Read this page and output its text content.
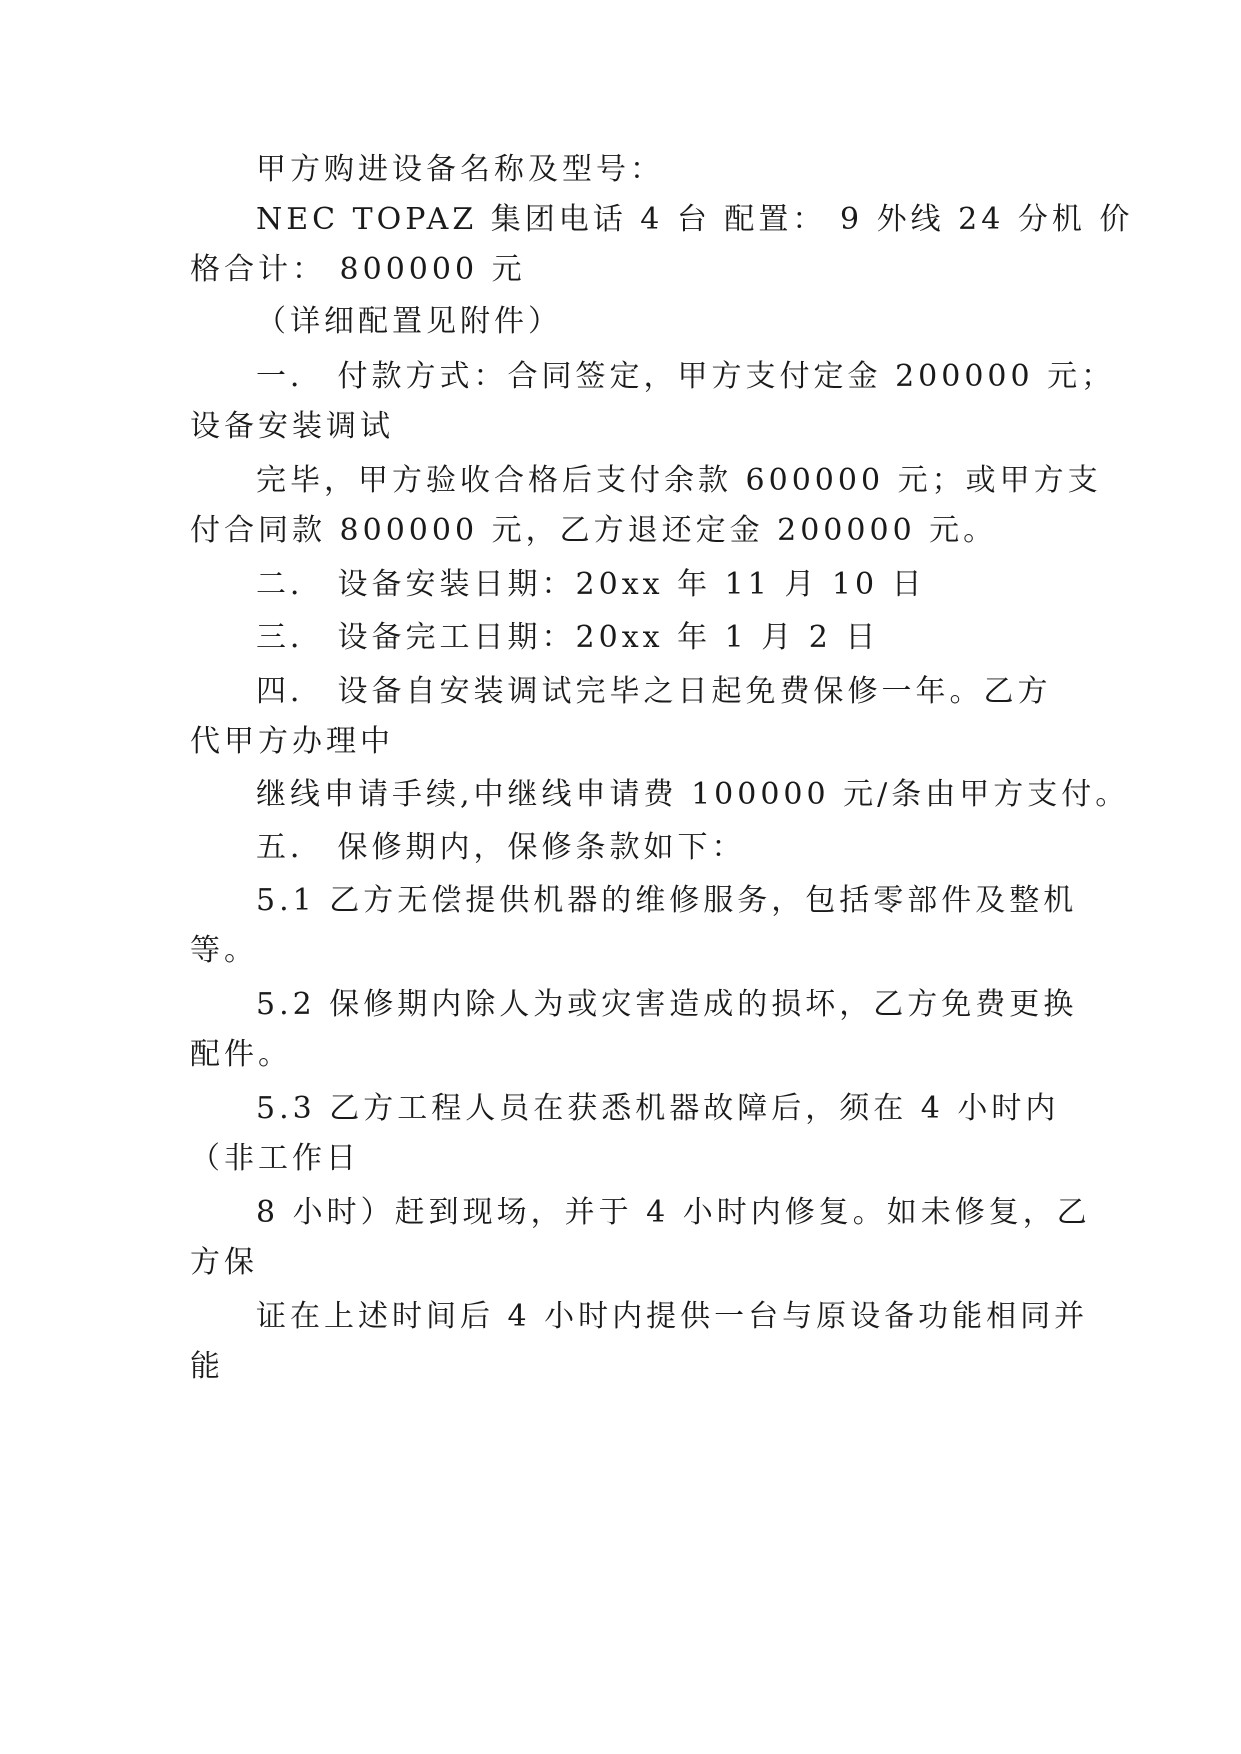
甲方购进设备名称及型号：
NEC TOPAZ 集团电话 4 台 配置： 9 外线 24 分机 价
格合计： 800000 元
（详细配置见附件）
一． 付款方式：合同签定，甲方支付定金 200000 元；
设备安装调试
完毕，甲方验收合格后支付余款 600000 元；或甲方支
付合同款 800000 元，乙方退还定金 200000 元。
二． 设备安装日期：20xx 年 11 月 10 日
三． 设备完工日期：20xx 年 1 月 2 日
四． 设备自安装调试完毕之日起免费保修一年。乙方
代甲方办理中
继线申请手续,中继线申请费 100000 元/条由甲方支付。
五． 保修期内，保修条款如下：
5.1 乙方无偿提供机器的维修服务，包括零部件及整机
等。
5.2 保修期内除人为或灾害造成的损坏，乙方免费更换
配件。
5.3 乙方工程人员在获悉机器故障后，须在 4 小时内
（非工作日
8 小时）赶到现场，并于 4 小时内修复。如未修复，乙
方保
证在上述时间后 4 小时内提供一台与原设备功能相同并
能
